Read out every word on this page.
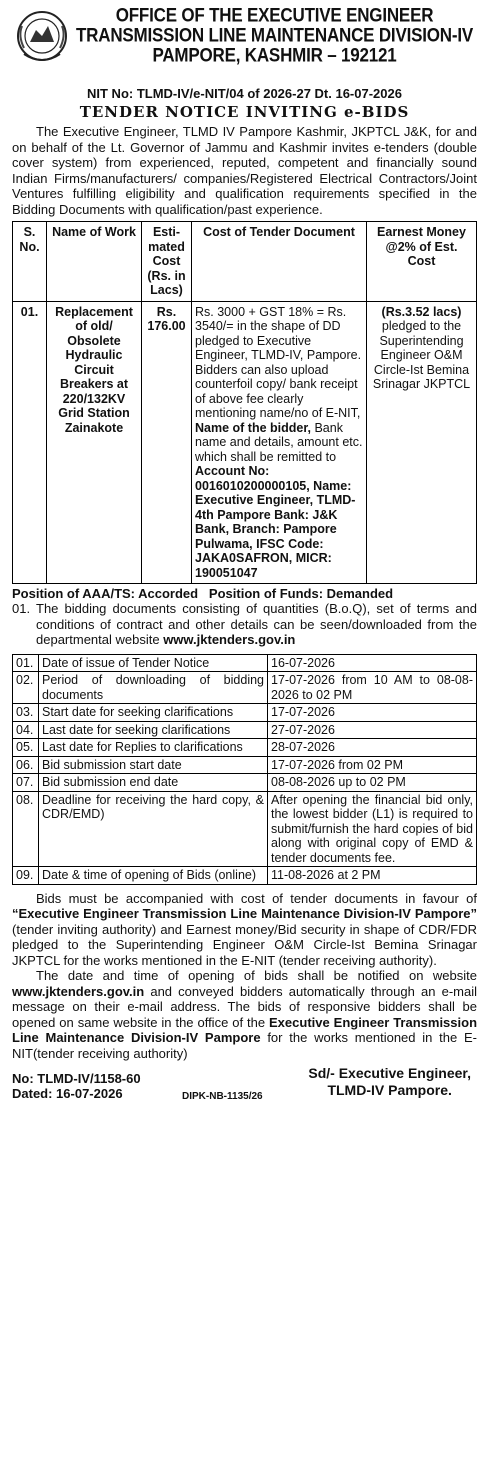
OFFICE OF THE EXECUTIVE ENGINEER
TRANSMISSION LINE MAINTENANCE DIVISION-IV
PAMPORE, KASHMIR – 192121
NIT No: TLMD-IV/e-NIT/04 of 2026-27 Dt. 16-07-2026
TENDER NOTICE INVITING e-BIDS

The Executive Engineer, TLMD IV Pampore Kashmir, JKPTCL J&K, for and on behalf of the Lt. Governor of Jammu and Kashmir invites e-tenders (double cover system) from experienced, reputed, competent and financially sound Indian Firms/manufacturers/ companies/Registered Electrical Contractors/Joint Ventures fulfilling eligibility and qualification requirements specified in the Bidding Documents with qualification/past experience.

S. No.	Name of Work	Esti- mated Cost (Rs. in Lacs)	Cost of Tender Document	Earnest Money @2% of Est. Cost
01.	Replacement of old/ Obsolete Hydraulic Circuit Breakers at 220/132KV Grid Station Zainakote	Rs. 176.00	Rs. 3000 + GST 18% = Rs. 3540/= in the shape of DD pledged to Executive Engineer, TLMD-IV, Pampore. Bidders can also upload counterfoil copy/ bank receipt of above fee clearly mentioning name/no of E-NIT, Name of the bidder, Bank name and details, amount etc. which shall be remitted to Account No: 0016010200000105, Name: Executive Engineer, TLMD-4th Pampore Bank: J&K Bank, Branch: Pampore Pulwama, IFSC Code: JAKA0SAFRON, MICR: 190051047	(Rs.3.52 lacs) pledged to the Superintending Engineer O&M Circle-Ist Bemina Srinagar JKPTCL
Position of AAA/TS: Accorded   Position of Funds: Demanded
01. The bidding documents consisting of quantities (B.o.Q), set of terms and conditions of contract and other details can be seen/downloaded from the departmental website www.jktenders.gov.in
01.	Date of issue of Tender Notice	16-07-2026
02.	Period of downloading of bidding documents	17-07-2026 from 10 AM to 08-08-2026 to 02 PM
03.	Start date for seeking clarifications	17-07-2026
04.	Last date for seeking clarifications	27-07-2026
05.	Last date for Replies to clarifications	28-07-2026
06.	Bid submission start date	17-07-2026 from 02 PM
07.	Bid submission end date	08-08-2026 up to 02 PM
08.	Deadline for receiving the hard copy, & CDR/EMD)	After opening the financial bid only, the lowest bidder (L1) is required to submit/furnish the hard copies of bid along with original copy of EMD & tender documents fee.
09.	Date & time of opening of Bids (online)	11-08-2026 at 2 PM

Bids must be accompanied with cost of tender documents in favour of “Executive Engineer Transmission Line Maintenance Division-IV Pampore” (tender inviting authority) and Earnest money/Bid security in shape of CDR/FDR pledged to the Superintending Engineer O&M Circle-Ist Bemina Srinagar JKPTCL for the works mentioned in the E-NIT (tender receiving authority).

The date and time of opening of bids shall be notified on website www.jktenders.gov.in and conveyed bidders automatically through an e-mail message on their e-mail address. The bids of responsive bidders shall be opened on same website in the office of the Executive Engineer Transmission Line Maintenance Division-IV Pampore for the works mentioned in the E-NIT(tender receiving authority)

No: TLMD-IV/1158-60
Dated: 16-07-2026	DIPK-NB-1135/26
Sd/- Executive Engineer,
TLMD-IV Pampore.
